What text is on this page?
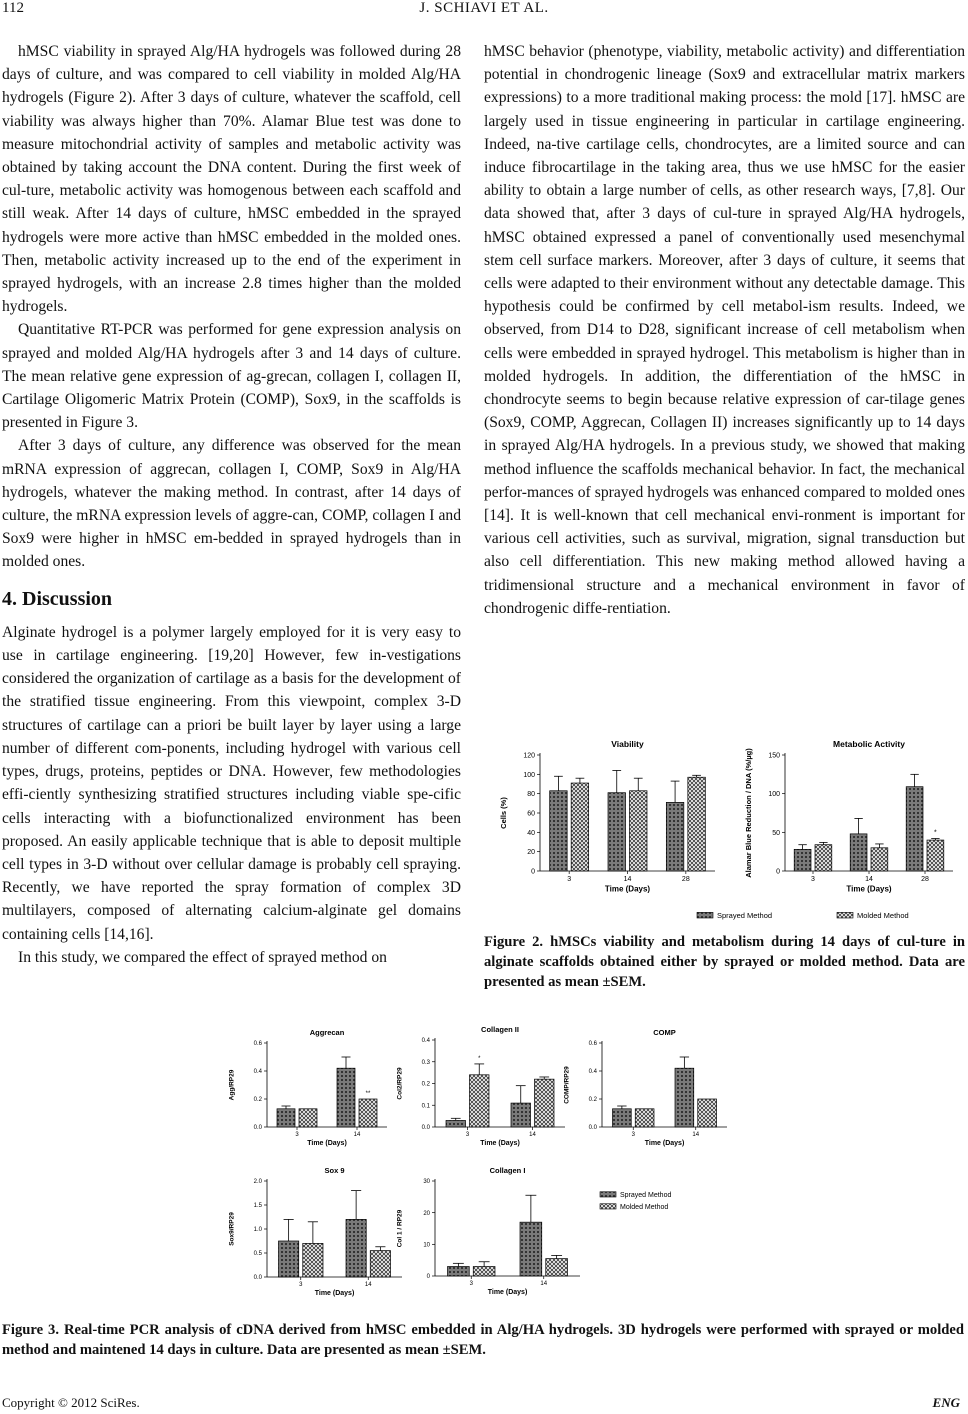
112	J. SCHIAVI ET AL.

hMSC viability in sprayed Alg/HA hydrogels was followed during 28 days of culture, and was compared to cell viability in molded Alg/HA hydrogels (Figure 2). After 3 days of culture, whatever the scaffold, cell viability was always higher than 70%. Alamar Blue test was done to measure mitochondrial activity of samples and metabolic activity was obtained by taking account the DNA content. During the first week of cul-ture, metabolic activity was homogenous between each scaffold and still weak. After 14 days of culture, hMSC embedded in the sprayed hydrogels were more active than hMSC embedded in the molded ones. Then, metabolic activity increased up to the end of the experiment in sprayed hydrogels, with an increase 2.8 times higher than the molded hydrogels.

Quantitative RT-PCR was performed for gene expression analysis on sprayed and molded Alg/HA hydrogels after 3 and 14 days of culture. The mean relative gene expression of ag-grecan, collagen I, collagen II, Cartilage Oligomeric Matrix Protein (COMP), Sox9, in the scaffolds is presented in Figure 3.

After 3 days of culture, any difference was observed for the mean mRNA expression of aggrecan, collagen I, COMP, Sox9 in Alg/HA hydrogels, whatever the making method. In contrast, after 14 days of culture, the mRNA expression levels of aggre-can, COMP, collagen I and Sox9 were higher in hMSC em-bedded in sprayed hydrogels than in molded ones.

4. Discussion

Alginate hydrogel is a polymer largely employed for it is very easy to use in cartilage engineering. [19,20] However, few in-vestigations considered the organization of cartilage as a basis for the development of the stratified tissue engineering. From this viewpoint, complex 3-D structures of cartilage can a priori be built layer by layer using a large number of different com-ponents, including hydrogel with various cell types, drugs, proteins, peptides or DNA. However, few methodologies effi-ciently synthesizing stratified structures including viable spe-cific cells interacting with a biofunctionalized environment has been proposed. An easily applicable technique that is able to deposit multiple cell types in 3-D without over cellular damage is probably cell spraying. Recently, we have reported the spray formation of complex 3D multilayers, composed of alternating calcium-alginate gel domains containing cells [14,16].

In this study, we compared the effect of sprayed method on

hMSC behavior (phenotype, viability, metabolic activity) and differentiation potential in chondrogenic lineage (Sox9 and extracellular matrix markers expressions) to a more traditional making process: the mold [17]. hMSC are largely used in tissue engineering in particular in cartilage engineering. Indeed, na-tive cartilage cells, chondrocytes, are a limited source and can induce fibrocartilage in the taking area, thus we use hMSC for the easier ability to obtain a large number of cells, as other research ways, [7,8]. Our data showed that, after 3 days of cul-ture in sprayed Alg/HA hydrogels, hMSC obtained expressed a panel of conventionally used mesenchymal stem cell surface markers. Moreover, after 3 days of culture, it seems that cells were adapted to their environment without any detectable damage. This hypothesis could be confirmed by cell metabol-ism results. Indeed, we observed, from D14 to D28, significant increase of cell metabolism when cells were embedded in sprayed hydrogel. This metabolism is higher than in molded hydrogels. In addition, the differentiation of the hMSC in chondrocyte seems to begin because relative expression of car-tilage genes (Sox9, COMP, Aggrecan, Collagen II) increases significantly up to 14 days in sprayed Alg/HA hydrogels. In a previous study, we showed that making method influence the scaffolds mechanical behavior. In fact, the mechanical perfor-mances of sprayed hydrogels was enhanced compared to molded ones [14]. It is well-known that cell mechanical envi-ronment is important for various cell activities, such as survival, migration, signal transduction but also cell differentiation. This new making method allowed having a tridimensional structure and a mechanical environment in favor of chondrogenic diffe-rentiation.

Viability
0
20
40
60
80
100
120
3	14	28
Time (Days)
Cells (%)
Metabolic Activity
0
50
100
150
3	14	28
*
Time (Days)
Alamar Blue Reduction / DNA (%/µg)
Sprayed Method	Molded Method
Figure 2. hMSCs viability and metabolism during 14 days of cul-ture in alginate scaffolds obtained either by sprayed or molded method. Data are presented as mean ±SEM.
Aggrecan
0.0
0.2
0.4
0.6
3	14
**
Time (Days)
Agg/RP29
Collagen II
0.0
0.1
0.2
0.3
0.4
3
*
14
Time (Days)
Col2/RP29
COMP
0.0
0.2
0.4
0.6
3	14
Time (Days)
COMP/RP29
Sox 9
0.0
0.5
1.0
1.5
2.0
3	14
Time (Days)
Sox9/RP29
Collagen I
0
10
20
30
3	14
Time (Days)
Col 1 / RP29
Sprayed Method
Molded Method
Figure 3. Real-time PCR analysis of cDNA derived from hMSC embedded in Alg/HA hydrogels. 3D hydrogels were performed with sprayed or molded method and maintened 14 days in culture. Data are presented as mean ±SEM.
Copyright © 2012 SciRes.	ENG
